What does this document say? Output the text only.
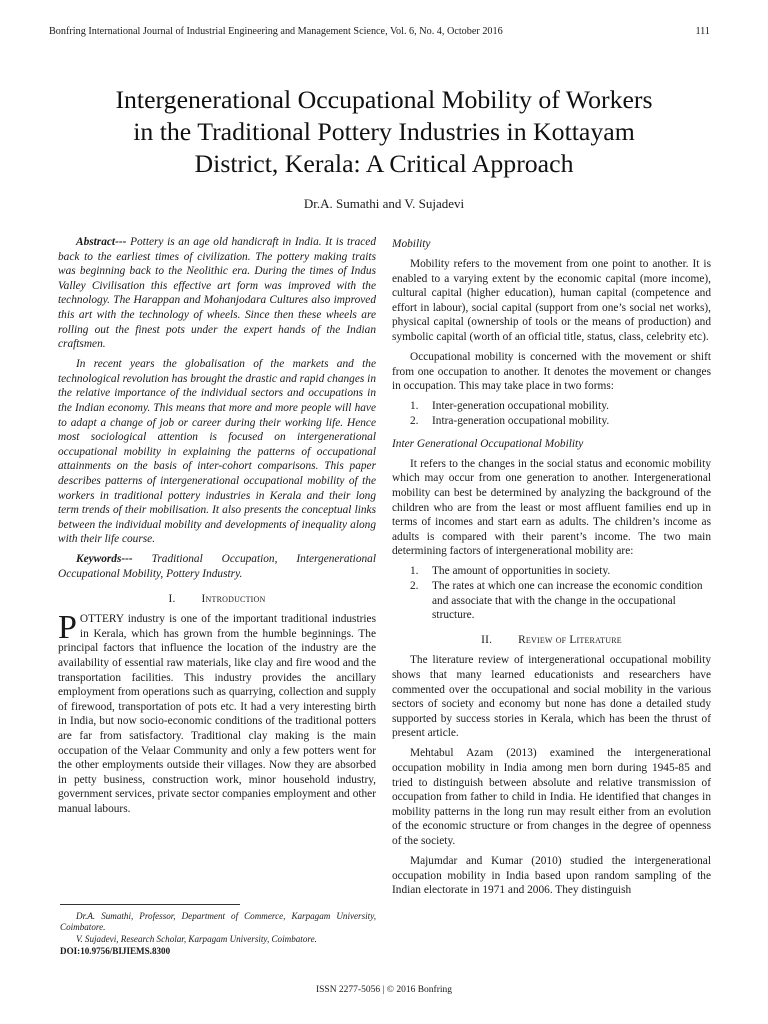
Bonfring International Journal of Industrial Engineering and Management Science, Vol. 6, No. 4, October 2016	111
Intergenerational Occupational Mobility of Workers
in the Traditional Pottery Industries in Kottayam
District, Kerala: A Critical Approach
Dr.A. Sumathi and V. Sujadevi

Abstract--- Pottery is an age old handicraft in India. It is traced back to the earliest times of civilization. The pottery making traits was beginning back to the Neolithic era. During the times of Indus Valley Civilisation this effective art form was improved with the technology. The Harappan and Mohanjodara Cultures also improved this art with the technology of wheels. Since then these wheels are rolling out the finest pots under the expert hands of the Indian craftsmen.

In recent years the globalisation of the markets and the technological revolution has brought the drastic and rapid changes in the relative importance of the individual sectors and occupations in the Indian economy. This means that more and more people will have to adapt a change of job or career during their working life. Hence most sociological attention is focused on intergenerational occupational mobility in explaining the patterns of occupational attainments on the basis of inter-cohort comparisons. This paper describes patterns of intergenerational occupational mobility of the workers in traditional pottery industries in Kerala and their long term trends of their mobilisation. It also presents the conceptual links between the individual mobility and developments of inequality along with their life course.

Keywords--- Traditional Occupation, Intergenerational Occupational Mobility, Pottery Industry.

I. Introduction

POTTERY industry is one of the important traditional industries in Kerala, which has grown from the humble beginnings. The principal factors that influence the location of the industry are the availability of essential raw materials, like clay and fire wood and the transportation facilities. This industry provides the ancillary employment from operations such as quarrying, collection and supply of firewood, transportation of pots etc. It had a very interesting birth in India, but now socio-economic conditions of the traditional potters are far from satisfactory. Traditional clay making is the main occupation of the Velaar Community and only a few potters went for the other employments outside their villages. Now they are absorbed in petty business, construction work, minor household industry, government services, private sector companies employment and other manual labours.

Dr.A. Sumathi, Professor, Department of Commerce, Karpagam University, Coimbatore.

V. Sujadevi, Research Scholar, Karpagam University, Coimbatore.

DOI:10.9756/BIJIEMS.8300

Mobility

Mobility refers to the movement from one point to another. It is enabled to a varying extent by the economic capital (more income), cultural capital (higher education), human capital (competence and effort in labour), social capital (support from one’s social net works), physical capital (ownership of tools or the means of production) and symbolic capital (worth of an official title, status, class, celebrity etc).

Occupational mobility is concerned with the movement or shift from one occupation to another. It denotes the movement or changes in occupation. This may take place in two forms:

1.	Inter-generation occupational mobility.
2.	Intra-generation occupational mobility.

Inter Generational Occupational Mobility

It refers to the changes in the social status and economic mobility which may occur from one generation to another. Intergenerational mobility can best be determined by analyzing the background of the children who are from the least or most affluent families end up in terms of incomes and start earn as adults. The children’s income as adults is compared with their parent’s income. The two main determining factors of intergenerational mobility are:

1.	The amount of opportunities in society.
2.	The rates at which one can increase the economic condition and associate that with the change in the occupational structure.
II. Review of Literature

The literature review of intergenerational occupational mobility shows that many learned educationists and researchers have commented over the occupational and social mobility in the various sectors of society and economy but none has done a detailed study supported by success stories in Kerala, which has been the thrust of present article.

Mehtabul Azam (2013) examined the intergenerational occupation mobility in India among men born during 1945-85 and tried to distinguish between absolute and relative transmission of occupation from father to child in India. He identified that changes in mobility patterns in the long run may result either from an evolution of the economic structure or from changes in the degree of openness of the society.

Majumdar and Kumar (2010) studied the intergenerational occupation mobility in India based upon random sampling of the Indian electorate in 1971 and 2006. They distinguish

ISSN 2277-5056 | © 2016 Bonfring
